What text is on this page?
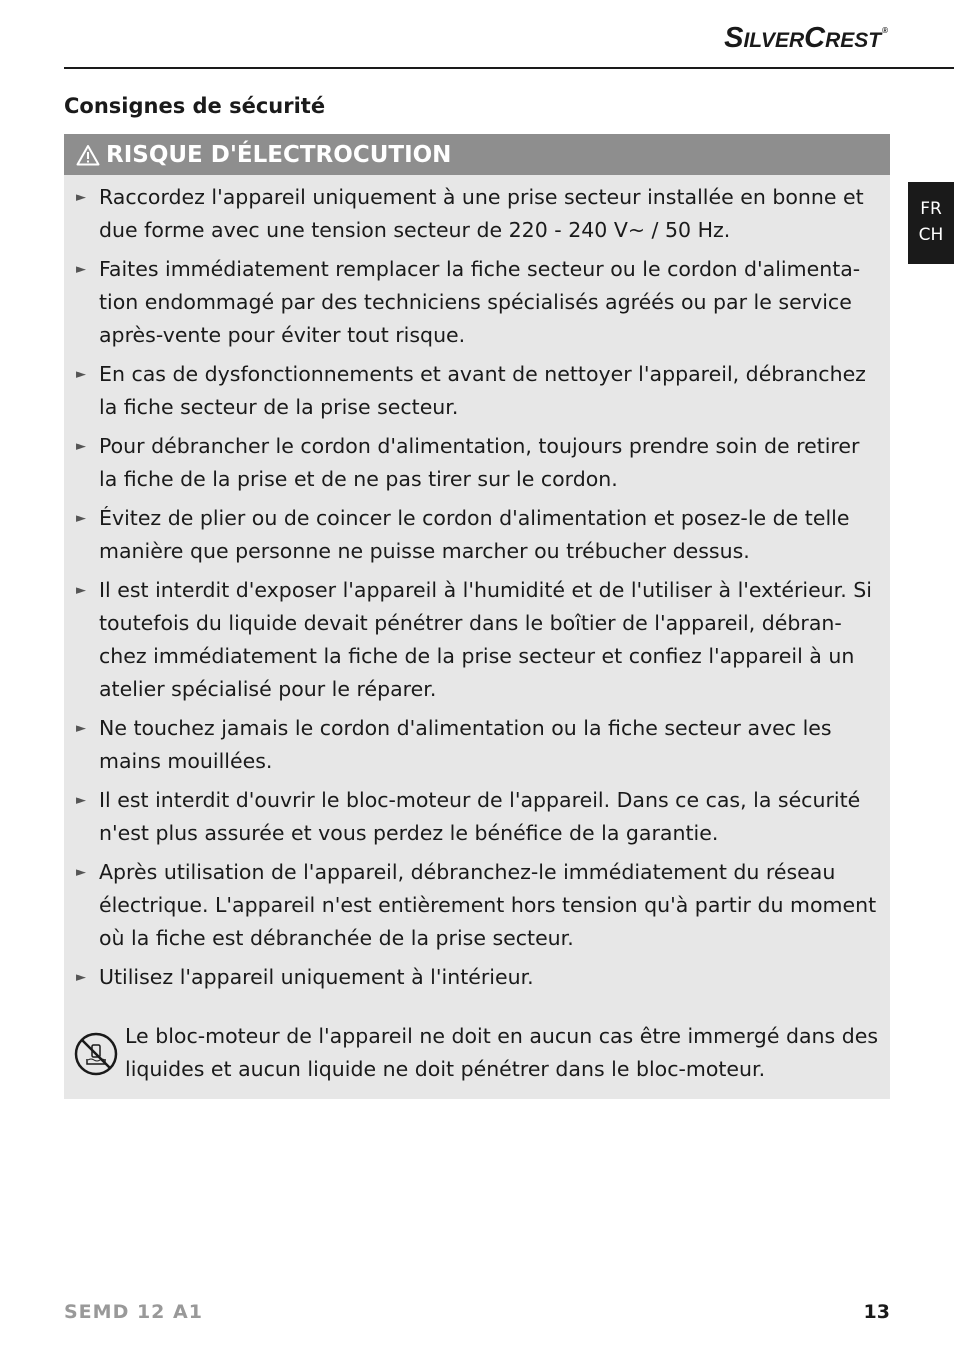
SILVERCREST®
Consignes de sécurité
RISQUE D'ÉLECTROCUTION
► Raccordez l'appareil uniquement à une prise secteur installée en bonne et due forme avec une tension secteur de 220 - 240 V~ / 50 Hz.
► Faites immédiatement remplacer la fiche secteur ou le cordon d'alimenta-tion endommagé par des techniciens spécialisés agréés ou par le service après-vente pour éviter tout risque.
► En cas de dysfonctionnements et avant de nettoyer l'appareil, débranchez la fiche secteur de la prise secteur.
► Pour débrancher le cordon d'alimentation, toujours prendre soin de retirer la fiche de la prise et de ne pas tirer sur le cordon.
► Évitez de plier ou de coincer le cordon d'alimentation et posez-le de telle manière que personne ne puisse marcher ou trébucher dessus.
► Il est interdit d'exposer l'appareil à l'humidité et de l'utiliser à l'extérieur. Si toutefois du liquide devait pénétrer dans le boîtier de l'appareil, débran-chez immédiatement la fiche de la prise secteur et confiez l'appareil à un atelier spécialisé pour le réparer.
► Ne touchez jamais le cordon d'alimentation ou la fiche secteur avec les mains mouillées.
► Il est interdit d'ouvrir le bloc-moteur de l'appareil. Dans ce cas, la sécurité n'est plus assurée et vous perdez le bénéfice de la garantie.
► Après utilisation de l'appareil, débranchez-le immédiatement du réseau électrique. L'appareil n'est entièrement hors tension qu'à partir du moment où la fiche est débranchée de la prise secteur.
► Utilisez l'appareil uniquement à l'intérieur.
Le bloc-moteur de l'appareil ne doit en aucun cas être immergé dans des liquides et aucun liquide ne doit pénétrer dans le bloc-moteur.
FR
CH
SEMD 12 A1	13
